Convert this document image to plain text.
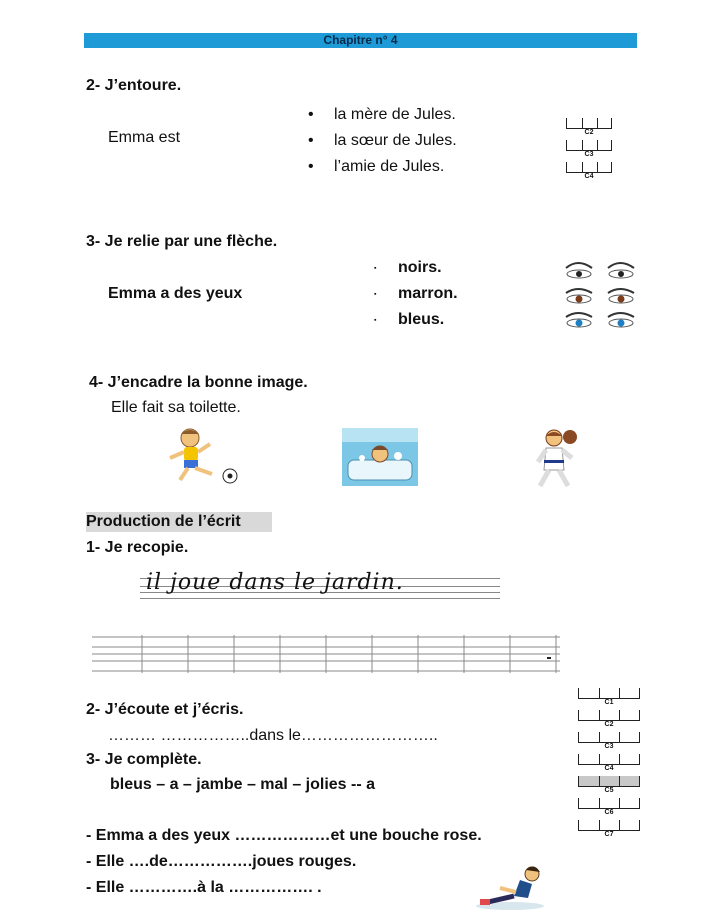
Chapitre n° 4
2- J’entoure.
Emma est
• la mère de Jules.
• la sœur de Jules.
• l’amie de Jules.
C2
C3
C4
3- Je relie par une flèche.
Emma a des yeux
▪ noirs.
▪ marron.
▪ bleus.
4- J’encadre la bonne image.
Elle fait sa toilette.
Production de l’écrit
1- Je recopie.
il joue dans le jardin.
2- J’écoute et j’écris.
……… ……………..dans le……………………..
3- Je complète.
bleus – a – jambe – mal – jolies -- a
- Emma a des yeux ………………et une bouche rose.
- Elle ….de…………….joues rouges.
- Elle ………….à la ……………. .
C1
C2
C3
C4
C5
C6
C7
